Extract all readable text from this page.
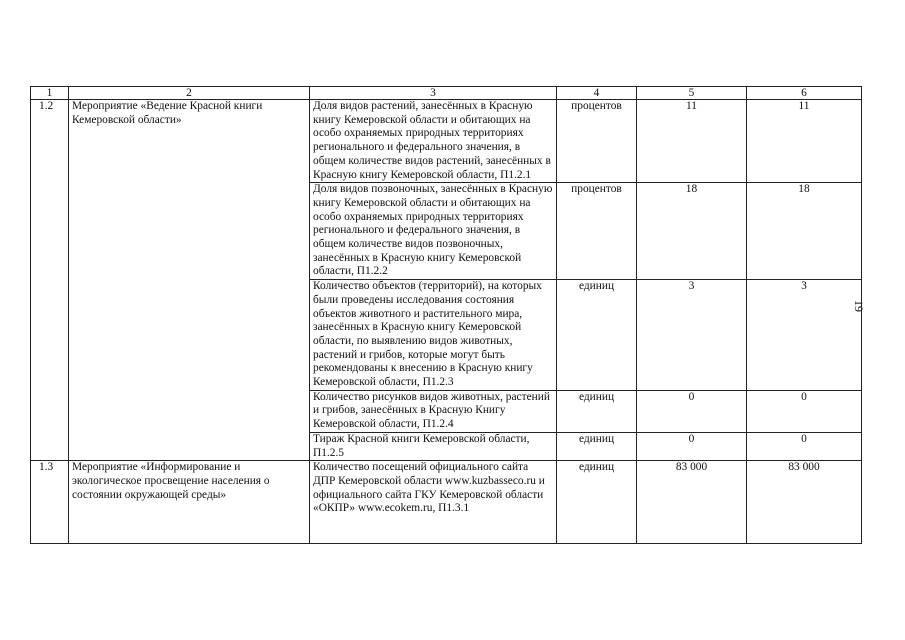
19
1	2	3	4	5	6
1.2	Мероприятие «Ведение Красной книги Кемеровской области»	Доля видов растений, занесённых в Красную книгу Кемеровской области и обитающих на особо охраняемых природных территориях регионального и федерального значения, в общем количестве видов растений, занесённых в Красную книгу Кемеровской области, П1.2.1	процентов	11	11
		Доля видов позвоночных, занесённых в Красную книгу Кемеровской области и обитающих на особо охраняемых природных территориях регионального и федерального значения, в общем количестве видов позвоночных, занесённых в Красную книгу Кемеровской области, П1.2.2	процентов	18	18
		Количество объектов (территорий), на которых были проведены исследования состояния объектов животного и растительного мира, занесённых в Красную книгу Кемеровской области, по выявлению видов животных, растений и грибов, которые могут быть рекомендованы к внесению в Красную книгу Кемеровской области, П1.2.3	единиц	3	3
		Количество рисунков видов животных, растений и грибов, занесённых в Красную Книгу Кемеровской области, П1.2.4	единиц	0	0
		Тираж Красной книги Кемеровской области, П1.2.5	единиц	0	0
1.3	Мероприятие «Информирование и экологическое просвещение населения о состоянии окружающей среды»	Количество посещений официального сайта ДПР Кемеровской области www.kuzbasseco.ru и официального сайта ГКУ Кемеровской области «ОКПР» www.ecokem.ru, П1.3.1	единиц	83 000	83 000
